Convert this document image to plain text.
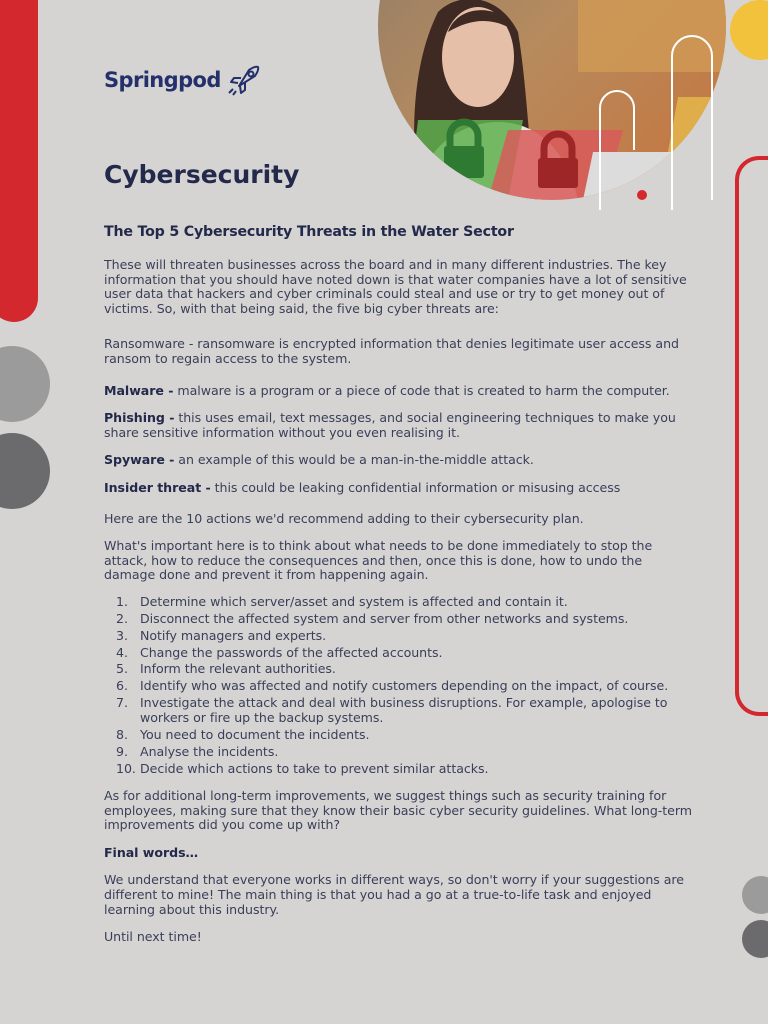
Springpod
Cybersecurity
The Top 5 Cybersecurity Threats in the Water Sector

These will threaten businesses across the board and in many different industries. The key information that you should have noted down is that water companies have a lot of sensitive user data that hackers and cyber criminals could steal and use or try to get money out of victims. So, with that being said, the five big cyber threats are:

Ransomware - ransomware is encrypted information that denies legitimate user access and ransom to regain access to the system.

Malware - malware is a program or a piece of code that is created to harm the computer.

Phishing - this uses email, text messages, and social engineering techniques to make you share sensitive information without you even realising it.

Spyware - an example of this would be a man-in-the-middle attack.

Insider threat - this could be leaking confidential information or misusing access

Here are the 10 actions we'd recommend adding to their cybersecurity plan.

What's important here is to think about what needs to be done immediately to stop the attack, how to reduce the consequences and then, once this is done, how to undo the damage done and prevent it from happening again.

1. Determine which server/asset and system is affected and contain it.
2. Disconnect the affected system and server from other networks and systems.
3. Notify managers and experts.
4. Change the passwords of the affected accounts.
5. Inform the relevant authorities.
6. Identify who was affected and notify customers depending on the impact, of course.
7. Investigate the attack and deal with business disruptions. For example, apologise to workers or fire up the backup systems.
8. You need to document the incidents.
9. Analyse the incidents.
10. Decide which actions to take to prevent similar attacks.

As for additional long-term improvements, we suggest things such as security training for employees, making sure that they know their basic cyber security guidelines. What long-term improvements did you come up with?

Final words…

We understand that everyone works in different ways, so don't worry if your suggestions are different to mine! The main thing is that you had a go at a true-to-life task and enjoyed learning about this industry.

Until next time!
